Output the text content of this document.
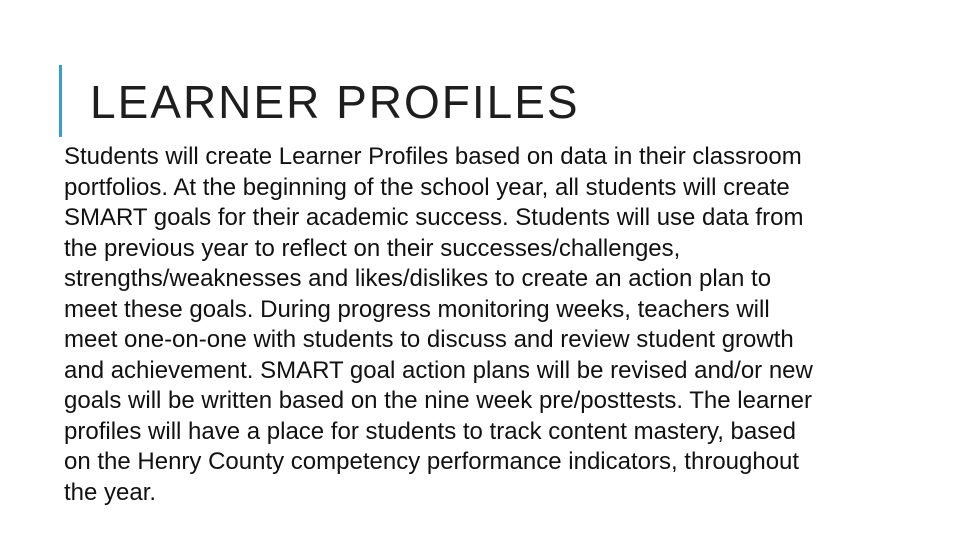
LEARNER PROFILES

Students will create Learner Profiles based on data in their classroom
portfolios. At the beginning of the school year, all students will create
SMART goals for their academic success. Students will use data from
the previous year to reflect on their successes/challenges,
strengths/weaknesses and likes/dislikes to create an action plan to
meet these goals. During progress monitoring weeks, teachers will
meet one-on-one with students to discuss and review student growth
and achievement. SMART goal action plans will be revised and/or new
goals will be written based on the nine week pre/posttests. The learner
profiles will have a place for students to track content mastery, based
on the Henry County competency performance indicators, throughout
the year.
